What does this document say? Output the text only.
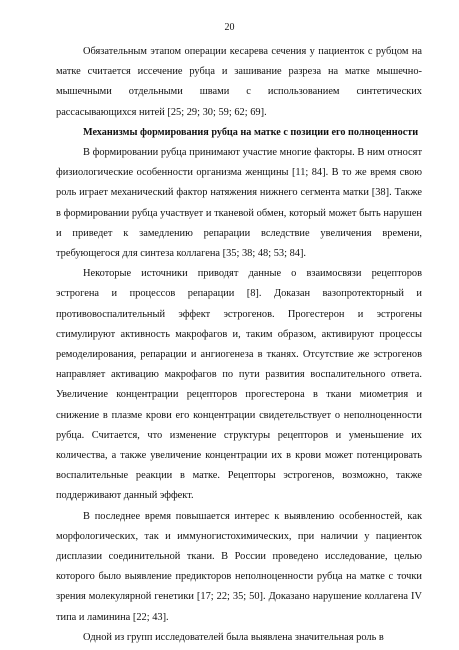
20

Обязательным этапом операции кесарева сечения у пациенток с рубцом на матке считается иссечение рубца и зашивание разреза на матке мышечно-мышечными отдельными швами с использованием синтетических рассасывающихся нитей [25; 29; 30; 59; 62; 69].

Механизмы формирования рубца на матке с позиции его полноценности

В формировании рубца принимают участие многие факторы. В ним относят физиологические особенности организма женщины [11; 84]. В то же время свою роль играет механический фактор натяжения нижнего сегмента матки [38]. Также в формировании рубца участвует и тканевой обмен, который может быть нарушен и приведет к замедлению репарации вследствие увеличения времени, требующегося для синтеза коллагена [35; 38; 48; 53; 84].

Некоторые источники приводят данные о взаимосвязи рецепторов эстрогена и процессов репарации [8]. Доказан вазопротекторный и противовоспалительный эффект эстрогенов. Прогестерон и эстрогены стимулируют активность макрофагов и, таким образом, активируют процессы ремоделирования, репарации и ангиогенеза в тканях. Отсутствие же эстрогенов направляет активацию макрофагов по пути развития воспалительного ответа. Увеличение концентрации рецепторов прогестерона в ткани миометрия и снижение в плазме крови его концентрации свидетельствует о неполноценности рубца. Считается, что изменение структуры рецепторов и уменьшение их количества, а также увеличение концентрации их в крови может потенцировать воспалительные реакции в матке. Рецепторы эстрогенов, возможно, также поддерживают данный эффект.

В последнее время повышается интерес к выявлению особенностей, как морфологических, так и иммуногистохимических, при наличии у пациенток дисплазии соединительной ткани. В России проведено исследование, целью которого было выявление предикторов неполноценности рубца на матке с точки зрения молекулярной генетики [17; 22; 35; 50]. Доказано нарушение коллагена IV типа и ламинина [22; 43].

Одной из групп исследователей была выявлена значительная роль в
